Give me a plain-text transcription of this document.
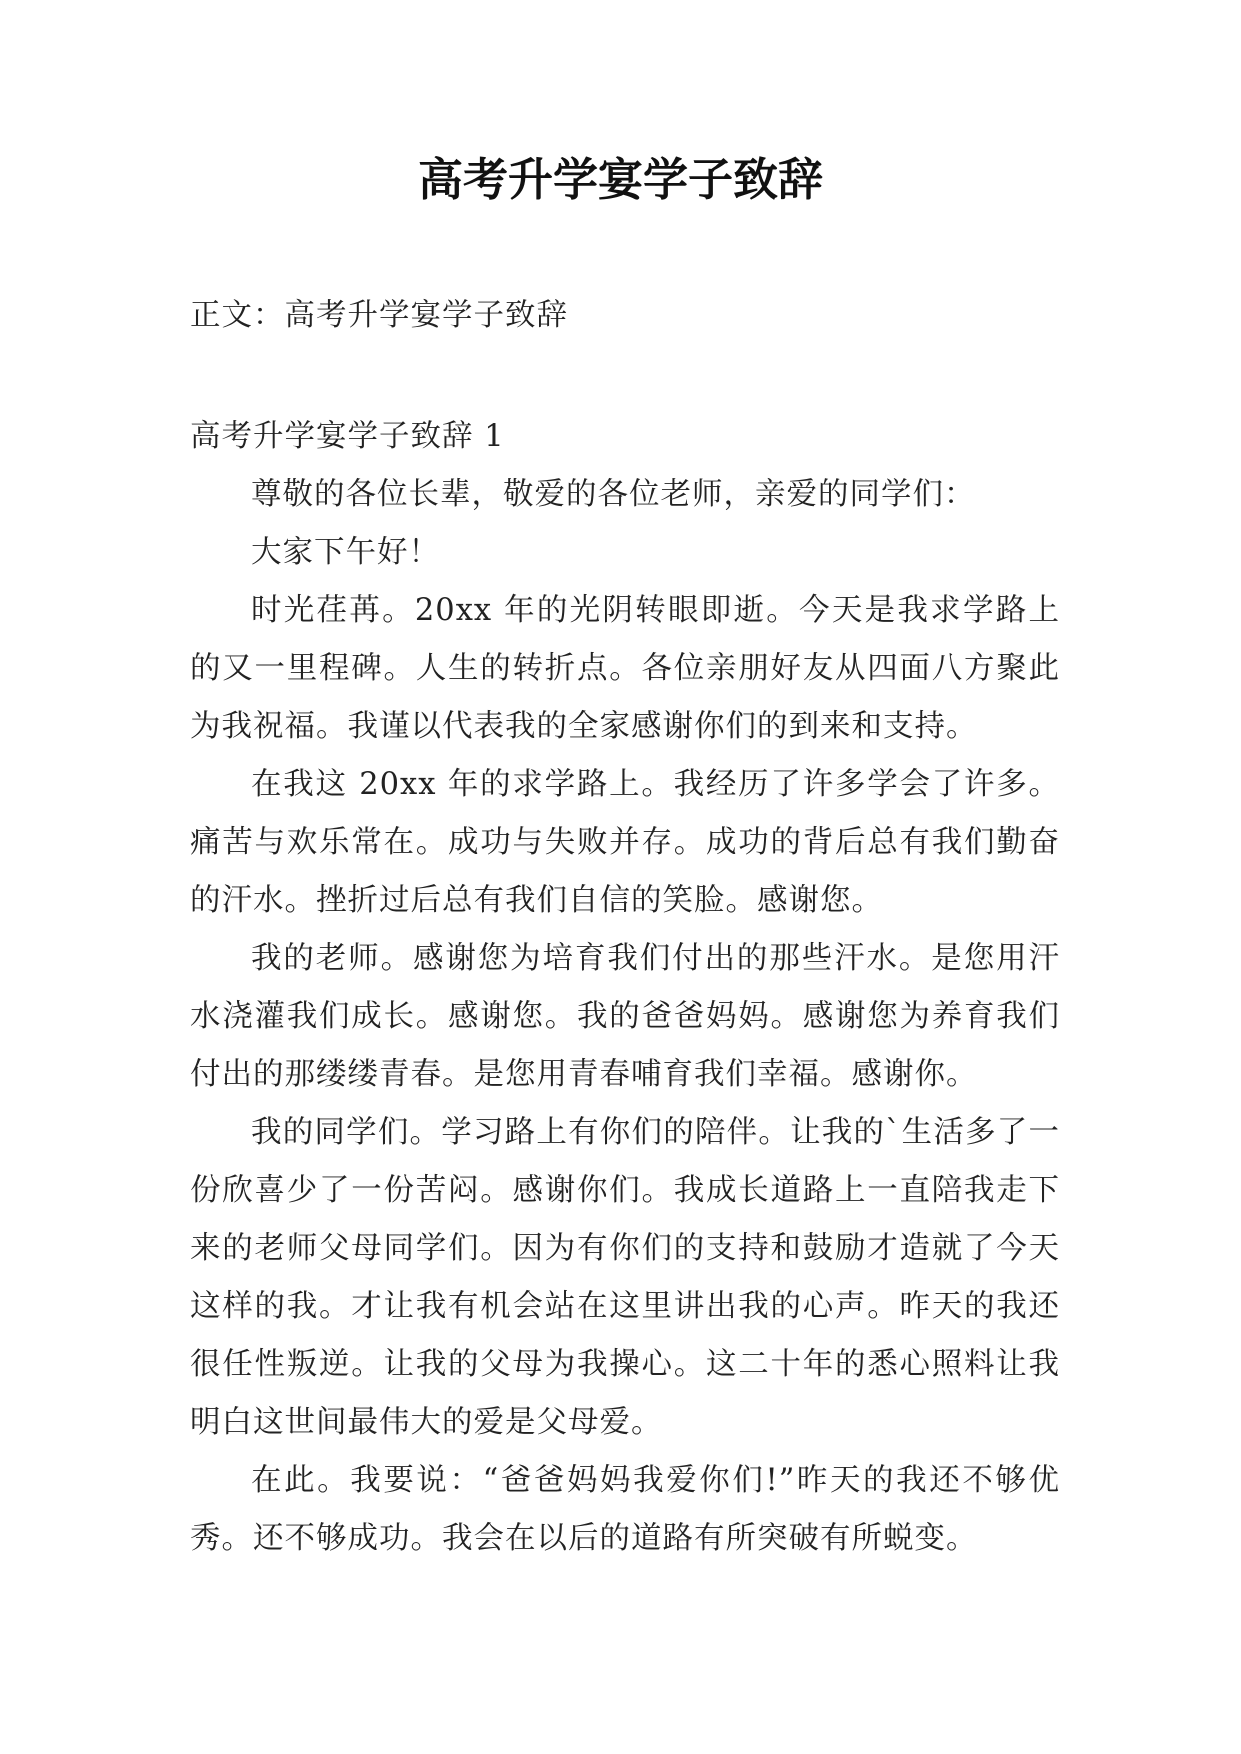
高考升学宴学子致辞
正文：高考升学宴学子致辞
高考升学宴学子致辞 1

尊敬的各位长辈，敬爱的各位老师，亲爱的同学们：

大家下午好！

时光荏苒。20xx 年的光阴转眼即逝。今天是我求学路上的又一里程碑。人生的转折点。各位亲朋好友从四面八方聚此为我祝福。我谨以代表我的全家感谢你们的到来和支持。

在我这 20xx 年的求学路上。我经历了许多学会了许多。痛苦与欢乐常在。成功与失败并存。成功的背后总有我们勤奋的汗水。挫折过后总有我们自信的笑脸。感谢您。

我的老师。感谢您为培育我们付出的那些汗水。是您用汗水浇灌我们成长。感谢您。我的爸爸妈妈。感谢您为养育我们付出的那缕缕青春。是您用青春哺育我们幸福。感谢你。

我的同学们。学习路上有你们的陪伴。让我的`生活多了一份欣喜少了一份苦闷。感谢你们。我成长道路上一直陪我走下来的老师父母同学们。因为有你们的支持和鼓励才造就了今天这样的我。才让我有机会站在这里讲出我的心声。昨天的我还很任性叛逆。让我的父母为我操心。这二十年的悉心照料让我明白这世间最伟大的爱是父母爱。

在此。我要说：“爸爸妈妈我爱你们!”昨天的我还不够优秀。还不够成功。我会在以后的道路有所突破有所蜕变。
